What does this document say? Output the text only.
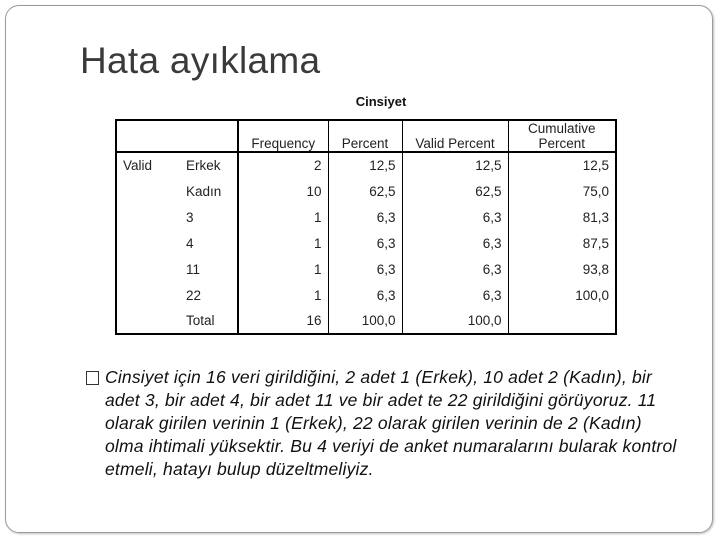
Hata ayıklama
Cinsiyet
		Frequency	Percent	Valid Percent	Cumulative Percent
Valid	Erkek	2	12,5	12,5	12,5
	Kadın	10	62,5	62,5	75,0
	3	1	6,3	6,3	81,3
	4	1	6,3	6,3	87,5
	11	1	6,3	6,3	93,8
	22	1	6,3	6,3	100,0
	Total	16	100,0	100,0	
Cinsiyet için 16 veri girildiğini, 2 adet 1 (Erkek), 10 adet 2 (Kadın), bir adet 3, bir adet 4, bir adet 11 ve bir adet te 22 girildiğini görüyoruz. 11 olarak girilen verinin 1 (Erkek), 22 olarak girilen verinin de 2 (Kadın) olma ihtimali yüksektir. Bu 4 veriyi de anket numaralarını bularak kontrol etmeli, hatayı bulup düzeltmeliyiz.
